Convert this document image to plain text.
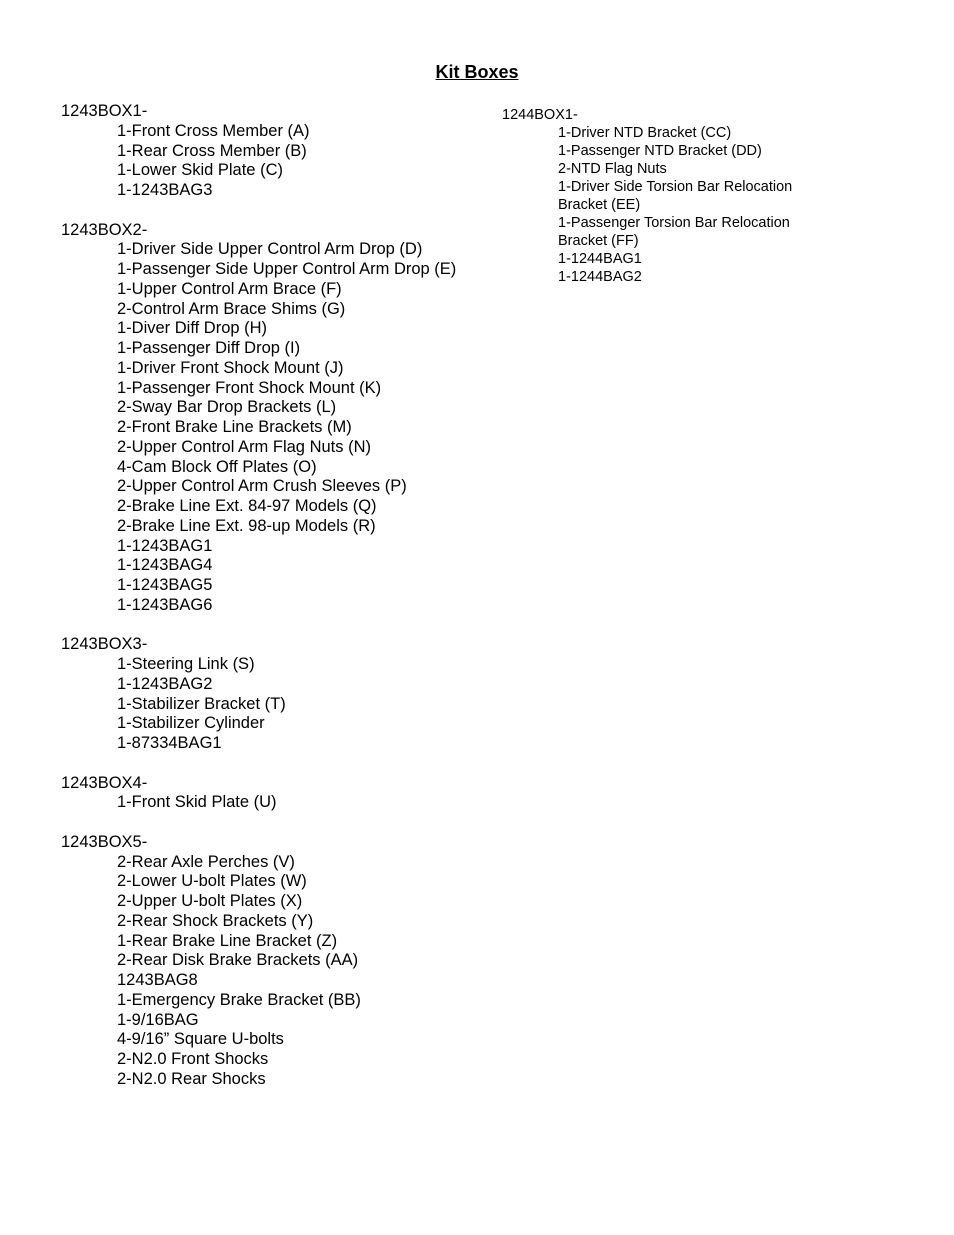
Kit Boxes
1243BOX1-
1-Front Cross Member (A)
1-Rear Cross Member (B)
1-Lower Skid Plate (C)
1-1243BAG3
1243BOX2-
1-Driver Side Upper Control Arm Drop (D)
1-Passenger Side Upper Control Arm Drop (E)
1-Upper Control Arm Brace (F)
2-Control Arm Brace Shims (G)
1-Diver Diff Drop (H)
1-Passenger Diff Drop (I)
1-Driver Front Shock Mount (J)
1-Passenger Front Shock Mount (K)
2-Sway Bar Drop Brackets (L)
2-Front Brake Line Brackets (M)
2-Upper Control Arm Flag Nuts (N)
4-Cam Block Off Plates (O)
2-Upper Control Arm Crush Sleeves (P)
2-Brake Line Ext. 84-97 Models (Q)
2-Brake Line Ext. 98-up Models (R)
1-1243BAG1
1-1243BAG4
1-1243BAG5
1-1243BAG6
1243BOX3-
1-Steering Link (S)
1-1243BAG2
1-Stabilizer Bracket (T)
1-Stabilizer Cylinder
1-87334BAG1
1243BOX4-
1-Front Skid Plate (U)
1243BOX5-
2-Rear Axle Perches (V)
2-Lower U-bolt Plates (W)
2-Upper U-bolt Plates (X)
2-Rear Shock Brackets (Y)
1-Rear Brake Line Bracket (Z)
2-Rear Disk Brake Brackets (AA)
1243BAG8
1-Emergency Brake Bracket (BB)
1-9/16BAG
4-9/16” Square U-bolts
2-N2.0 Front Shocks
2-N2.0 Rear Shocks
1244BOX1-
1-Driver NTD Bracket (CC)
1-Passenger NTD Bracket (DD)
2-NTD Flag Nuts
1-Driver Side Torsion Bar Relocation Bracket (EE)
1-Passenger Torsion Bar Relocation Bracket (FF)
1-1244BAG1
1-1244BAG2
